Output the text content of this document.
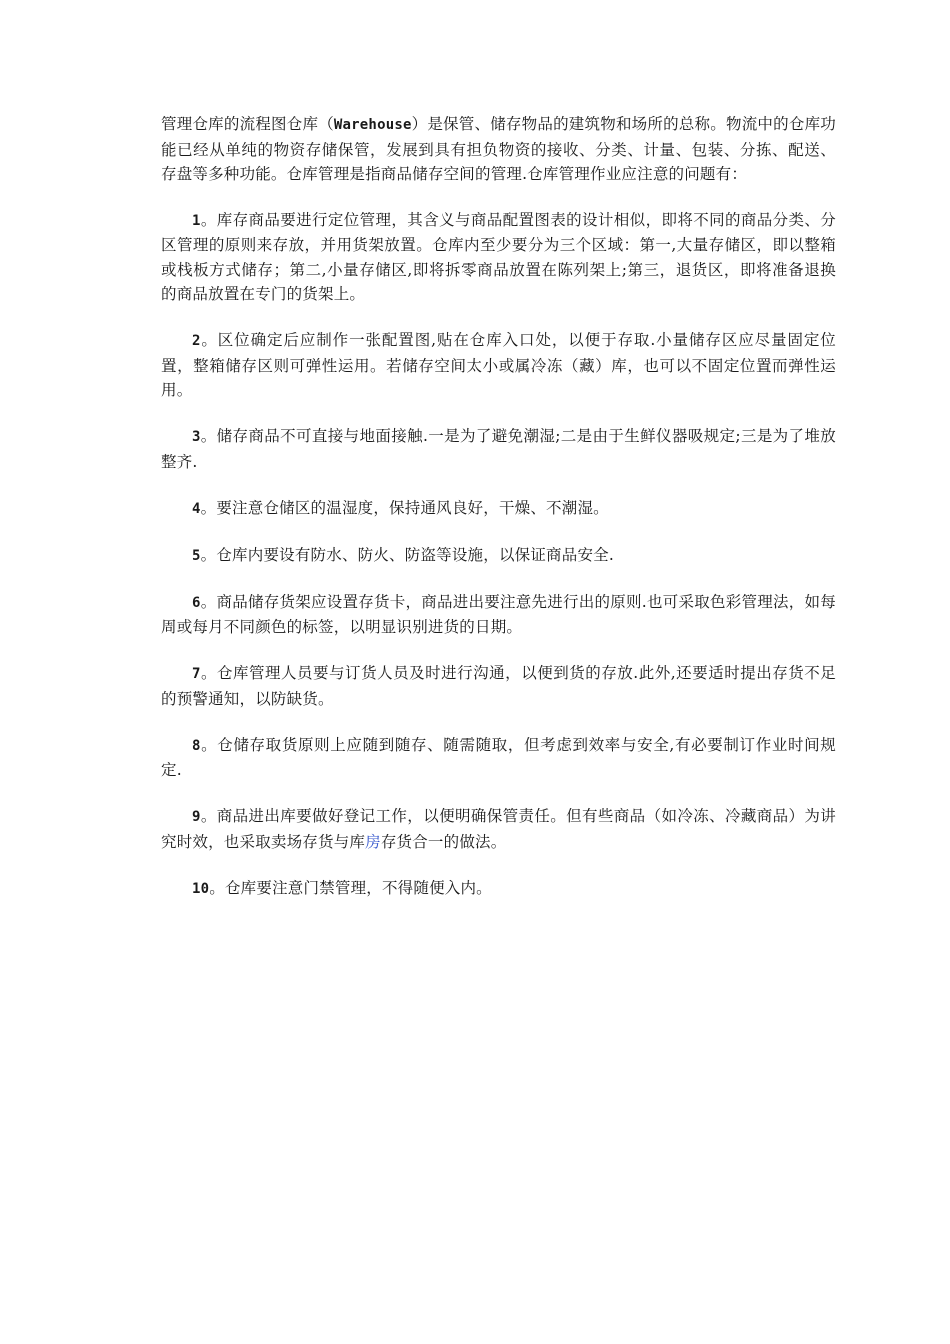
管理仓库的流程图仓库（Warehouse）是保管、储存物品的建筑物和场所的总称。物流中的仓库功能已经从单纯的物资存储保管，发展到具有担负物资的接收、分类、计量、包装、分拣、配送、存盘等多种功能。仓库管理是指商品储存空间的管理.仓库管理作业应注意的问题有：

1。库存商品要进行定位管理，其含义与商品配置图表的设计相似，即将不同的商品分类、分区管理的原则来存放，并用货架放置。仓库内至少要分为三个区域：第一,大量存储区，即以整箱或栈板方式储存；第二,小量存储区,即将拆零商品放置在陈列架上;第三，退货区，即将准备退换的商品放置在专门的货架上。

2。区位确定后应制作一张配置图,贴在仓库入口处，以便于存取.小量储存区应尽量固定位置，整箱储存区则可弹性运用。若储存空间太小或属冷冻（藏）库，也可以不固定位置而弹性运用。

3。储存商品不可直接与地面接触.一是为了避免潮湿;二是由于生鲜仪器吸规定;三是为了堆放整齐.

4。要注意仓储区的温湿度，保持通风良好，干燥、不潮湿。

5。仓库内要设有防水、防火、防盗等设施，以保证商品安全.

6。商品储存货架应设置存货卡，商品进出要注意先进行出的原则.也可采取色彩管理法，如每周或每月不同颜色的标签，以明显识别进货的日期。

7。仓库管理人员要与订货人员及时进行沟通，以便到货的存放.此外,还要适时提出存货不足的预警通知，以防缺货。

8。仓储存取货原则上应随到随存、随需随取，但考虑到效率与安全,有必要制订作业时间规定.

9。商品进出库要做好登记工作，以便明确保管责任。但有些商品（如冷冻、冷藏商品）为讲究时效，也采取卖场存货与库房存货合一的做法。

10。仓库要注意门禁管理，不得随便入内。
